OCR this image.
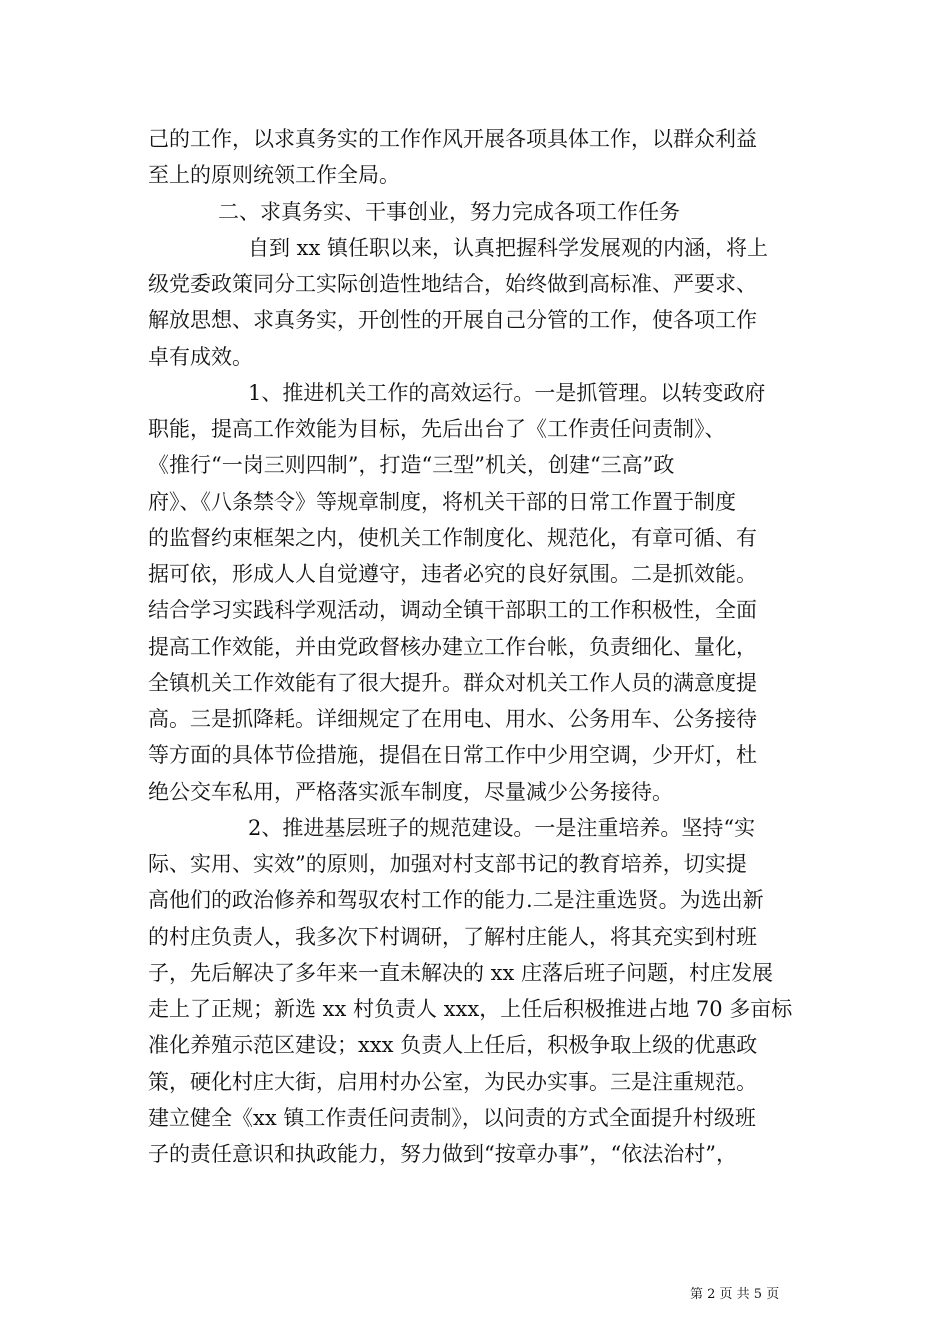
己的工作，以求真务实的工作作风开展各项具体工作，以群众利益
至上的原则统领工作全局。
二、求真务实、干事创业，努力完成各项工作任务
自到 xx 镇任职以来，认真把握科学发展观的内涵，将上
级党委政策同分工实际创造性地结合，始终做到高标准、严要求、
解放思想、求真务实，开创性的开展自己分管的工作，使各项工作
卓有成效。
1、推进机关工作的高效运行。一是抓管理。以转变政府
职能，提高工作效能为目标，先后出台了《工作责任问责制》、
《推行“一岗三则四制”，打造“三型”机关，创建“三高”政
府》、《八条禁令》等规章制度，将机关干部的日常工作置于制度
的监督约束框架之内，使机关工作制度化、规范化，有章可循、有
据可依，形成人人自觉遵守，违者必究的良好氛围。二是抓效能。
结合学习实践科学观活动，调动全镇干部职工的工作积极性，全面
提高工作效能，并由党政督核办建立工作台帐，负责细化、量化，
全镇机关工作效能有了很大提升。群众对机关工作人员的满意度提
高。三是抓降耗。详细规定了在用电、用水、公务用车、公务接待
等方面的具体节俭措施，提倡在日常工作中少用空调，少开灯，杜
绝公交车私用，严格落实派车制度，尽量减少公务接待。
2、推进基层班子的规范建设。一是注重培养。坚持“实
际、实用、实效”的原则，加强对村支部书记的教育培养，切实提
高他们的政治修养和驾驭农村工作的能力.二是注重选贤。为选出新
的村庄负责人，我多次下村调研，了解村庄能人，将其充实到村班
子，先后解决了多年来一直未解决的 xx 庄落后班子问题，村庄发展
走上了正规；新选 xx 村负责人 xxx，上任后积极推进占地 70 多亩标
准化养殖示范区建设；xxx 负责人上任后，积极争取上级的优惠政
策，硬化村庄大街，启用村办公室，为民办实事。三是注重规范。
建立健全《xx 镇工作责任问责制》，以问责的方式全面提升村级班
子的责任意识和执政能力，努力做到“按章办事”，“依法治村”，
第 2 页 共 5 页
